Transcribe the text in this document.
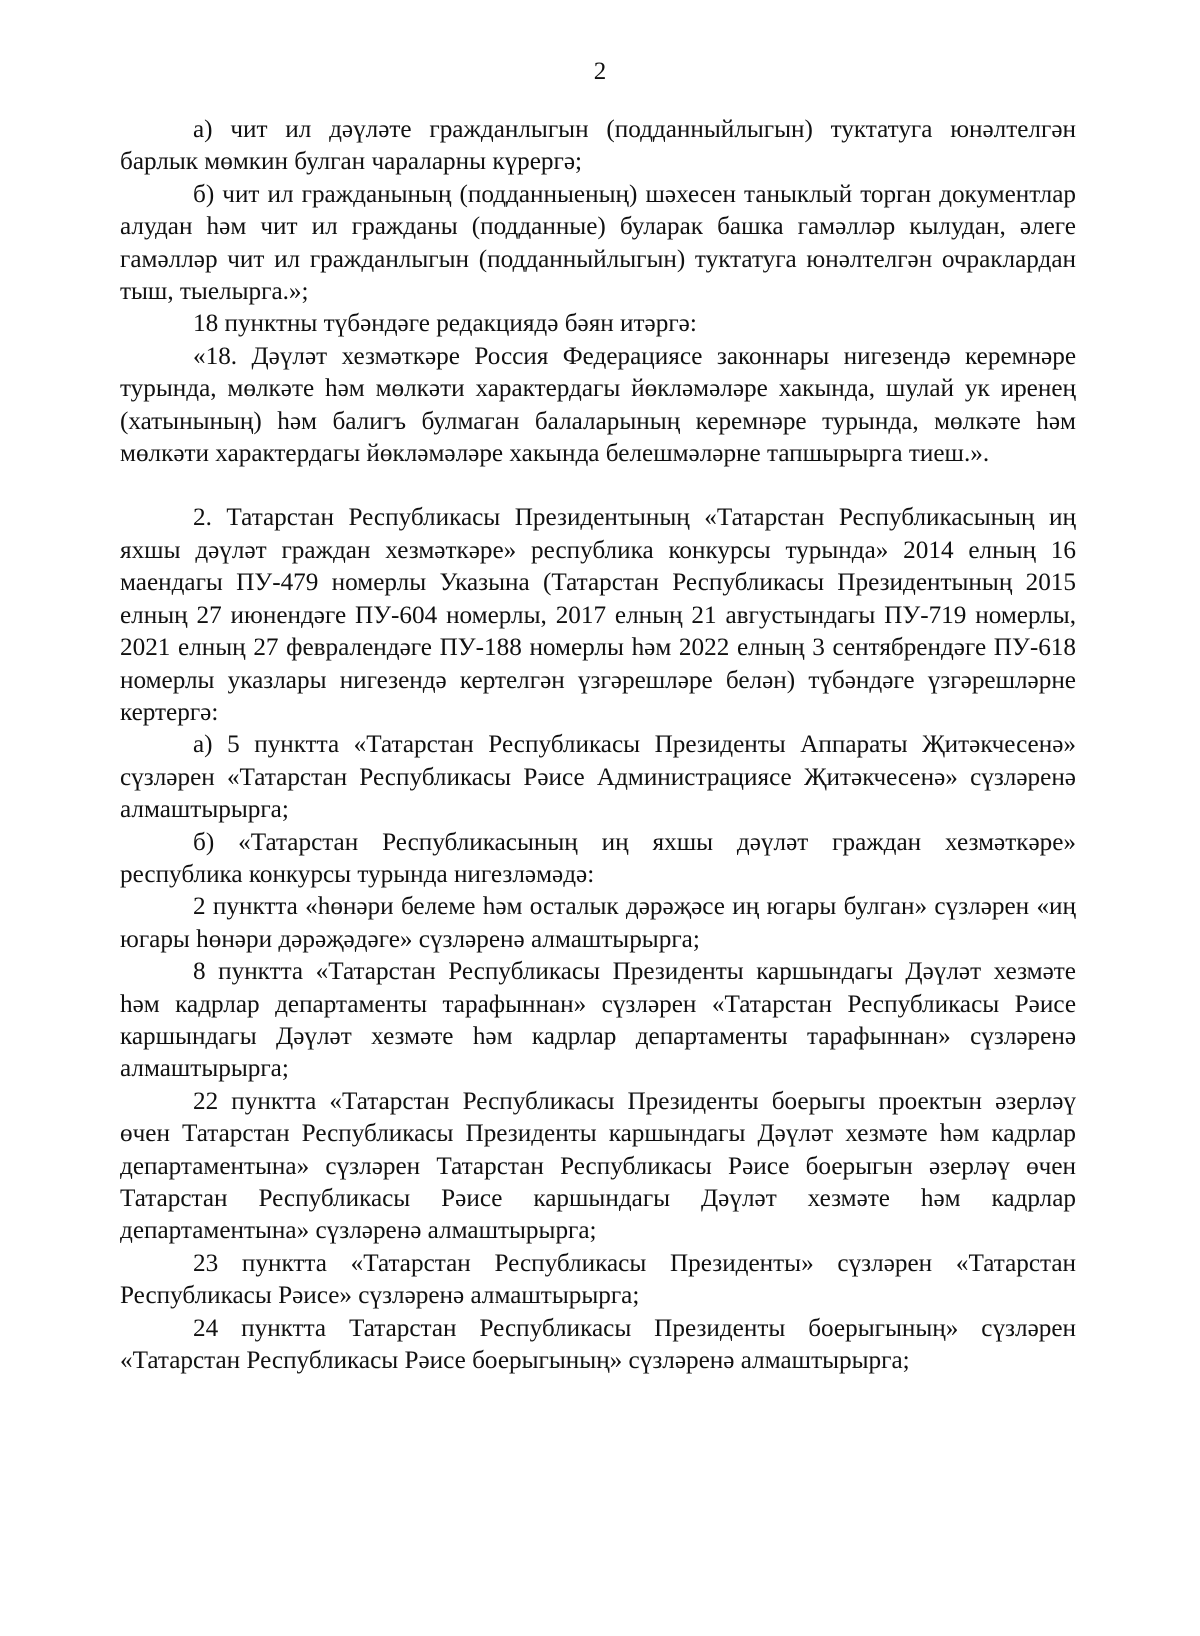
2

а) чит ил дәүләте гражданлыгын (подданныйлыгын) туктатуга юнәлтелгән барлык мөмкин булган чараларны күрергә;

б) чит ил гражданының (подданныеның) шәхесен таныклый торган документлар алудан һәм чит ил гражданы (подданные) буларак башка гамәлләр кылудан, әлеге гамәлләр чит ил гражданлыгын (подданныйлыгын) туктатуга юнәлтелгән очраклардан тыш, тыелырга.»;

18 пунктны түбәндәге редакциядә бәян итәргә:

«18. Дәүләт хезмәткәре Россия Федерациясе законнары нигезендә керемнәре турында, мөлкәте һәм мөлкәти характердагы йөкләмәләре хакында, шулай ук иренең (хатынының) һәм балигъ булмаган балаларының керемнәре турында, мөлкәте һәм мөлкәти характердагы йөкләмәләре хакында белешмәләрне тапшырырга тиеш.».

2. Татарстан Республикасы Президентының «Татарстан Республикасының иң яхшы дәүләт граждан хезмәткәре» республика конкурсы турында» 2014 елның 16 маендагы ПУ-479 номерлы Указына (Татарстан Республикасы Президентының 2015 елның 27 июнендәге ПУ-604 номерлы, 2017 елның 21 августындагы ПУ-719 номерлы, 2021 елның 27 февралендәге ПУ-188 номерлы һәм 2022 елның 3 сентябрендәге ПУ-618 номерлы указлары нигезендә кертелгән үзгәрешләре белән) түбәндәге үзгәрешләрне кертергә:

а) 5 пунктта «Татарстан Республикасы Президенты Аппараты Җитәкчесенә» сүзләрен «Татарстан Республикасы Рәисе Администрациясе Җитәкчесенә» сүзләренә алмаштырырга;

б) «Татарстан Республикасының иң яхшы дәүләт граждан хезмәткәре» республика конкурсы турында нигезләмәдә:

2 пунктта «һөнәри белеме һәм осталык дәрәҗәсе иң югары булган» сүзләрен «иң югары һөнәри дәрәҗәдәге» сүзләренә алмаштырырга;

8 пунктта «Татарстан Республикасы Президенты каршындагы Дәүләт хезмәте һәм кадрлар департаменты тарафыннан» сүзләрен «Татарстан Республикасы Рәисе каршындагы Дәүләт хезмәте һәм кадрлар департаменты тарафыннан» сүзләренә алмаштырырга;

22 пунктта «Татарстан Республикасы Президенты боерыгы проектын әзерләү өчен Татарстан Республикасы Президенты каршындагы Дәүләт хезмәте һәм кадрлар департаментына» сүзләрен Татарстан Республикасы Рәисе боерыгын әзерләү өчен Татарстан Республикасы Рәисе каршындагы Дәүләт хезмәте һәм кадрлар департаментына» сүзләренә алмаштырырга;

23 пунктта «Татарстан Республикасы Президенты» сүзләрен «Татарстан Республикасы Рәисе» сүзләренә алмаштырырга;

24 пунктта Татарстан Республикасы Президенты боерыгының» сүзләрен «Татарстан Республикасы Рәисе боерыгының» сүзләренә алмаштырырга;
